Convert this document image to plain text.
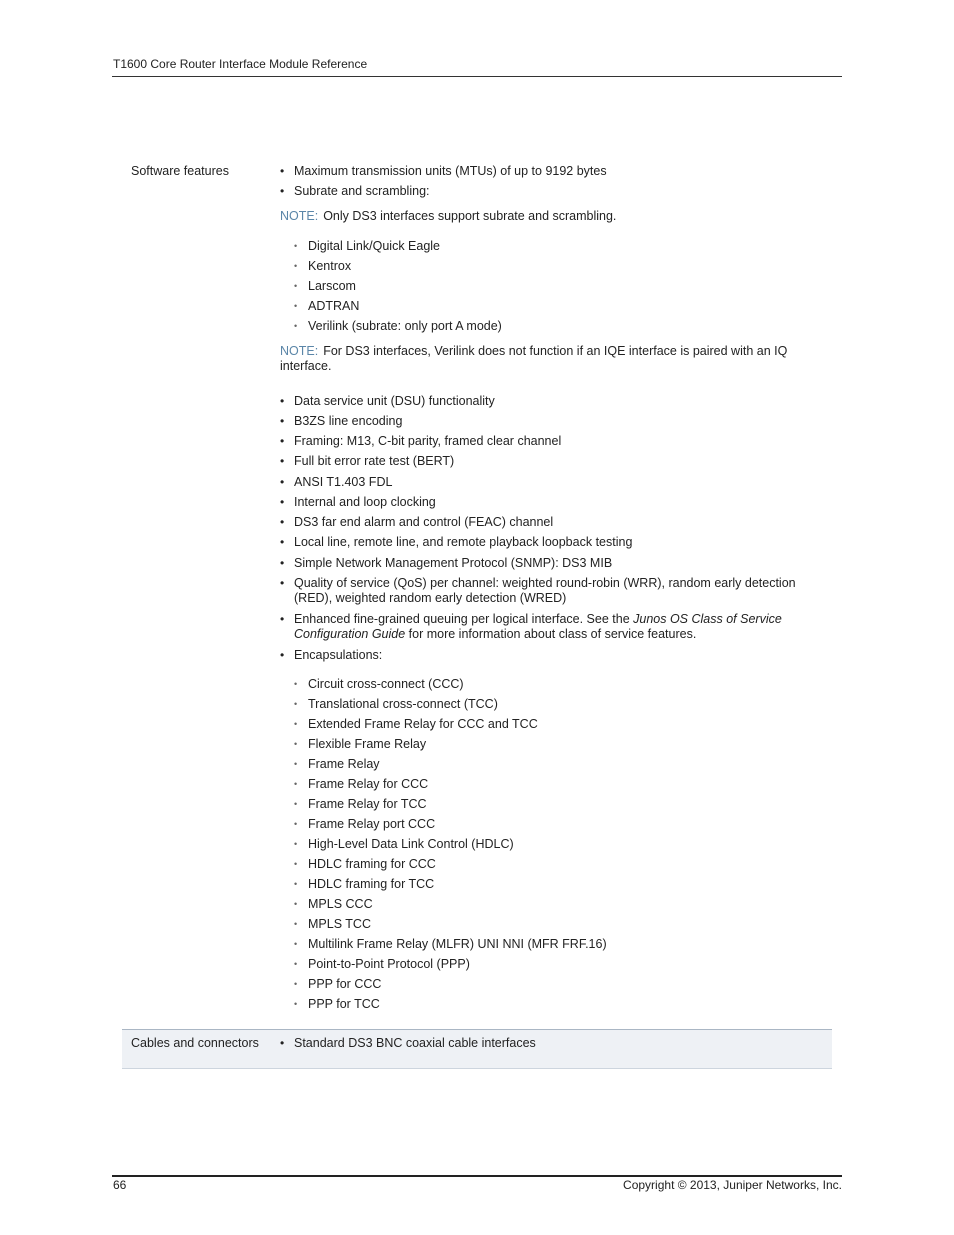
T1600 Core Router Interface Module Reference
Software features	• Maximum transmission units (MTUs) of up to 9192 bytes
• Subrate and scrambling:
NOTE: Only DS3 interfaces support subrate and scrambling.
• Digital Link/Quick Eagle
• Kentrox
• Larscom
• ADTRAN
• Verilink (subrate: only port A mode)
NOTE: For DS3 interfaces, Verilink does not function if an IQE interface is paired with an IQ interface.
• Data service unit (DSU) functionality
• B3ZS line encoding
• Framing: M13, C-bit parity, framed clear channel
• Full bit error rate test (BERT)
• ANSI T1.403 FDL
• Internal and loop clocking
• DS3 far end alarm and control (FEAC) channel
• Local line, remote line, and remote playback loopback testing
• Simple Network Management Protocol (SNMP): DS3 MIB
• Quality of service (QoS) per channel: weighted round-robin (WRR), random early detection (RED), weighted random early detection (WRED)
• Enhanced fine-grained queuing per logical interface. See the Junos OS Class of Service Configuration Guide for more information about class of service features.
• Encapsulations:
• Circuit cross-connect (CCC)
• Translational cross-connect (TCC)
• Extended Frame Relay for CCC and TCC
• Flexible Frame Relay
• Frame Relay
• Frame Relay for CCC
• Frame Relay for TCC
• Frame Relay port CCC
• High-Level Data Link Control (HDLC)
• HDLC framing for CCC
• HDLC framing for TCC
• MPLS CCC
• MPLS TCC
• Multilink Frame Relay (MLFR) UNI NNI (MFR FRF.16)
• Point-to-Point Protocol (PPP)
• PPP for CCC
• PPP for TCC
Cables and connectors • Standard DS3 BNC coaxial cable interfaces
66	Copyright © 2013, Juniper Networks, Inc.
